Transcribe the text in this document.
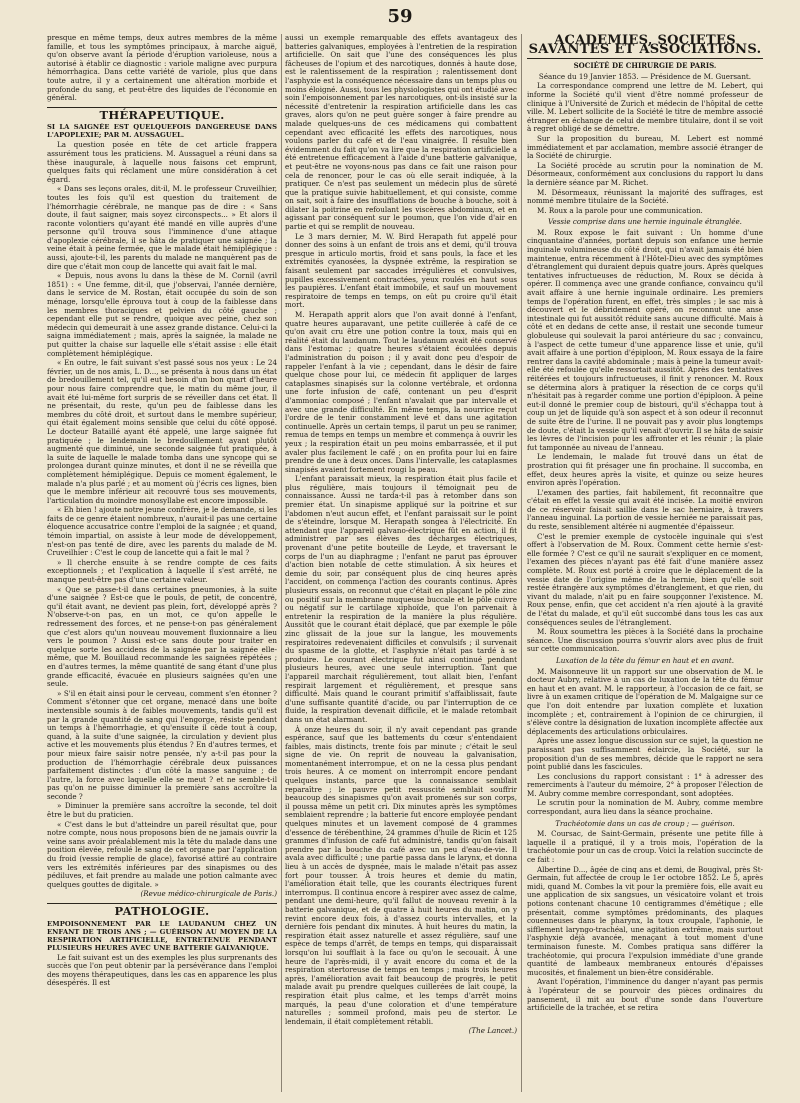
59

presque en même temps, deux autres membres de la même famille, et tous les symptômes principaux, à marche aiguë, qu'on observe avant la période d'éruption varioleuse, nous a autorisé à établir ce diagnostic : variole maligne avec purpura hémorrhagica. Dans cette variété de variole, plus que dans toute autre, il y a certainement une altération morbide et profonde du sang, et peut-être des liquides de l'économie en général.

THÉRAPEUTIQUE.
SI LA SAIGNÉE EST QUELQUEFOIS DANGEREUSE DANS L'APOPLEXIE; PAR M. AUSSAGUEL.

La question posée en tête de cet article frappera assurément tous les praticiens. M. Aussaguel a réuni dans sa thèse inaugurale, à laquelle nous faisons cet emprunt, quelques faits qui réclament une mûre considération à cet égard.

« Dans ses leçons orales, dit-il, M. le professeur Cruveilhier, toutes les fois qu'il est question du traitement de l'hémorrhagie cérébrale, ne manque pas de dire : « Sans doute, il faut saigner, mais soyez circonspects... » Et alors il raconte volontiers qu'ayant été mandé en ville auprès d'une personne qu'il trouva sous l'imminence d'une attaque d'apoplexie cérébrale, il se hâta de pratiquer une saignée ; la veine était à peine fermée, que le malade était hémiplégique : aussi, ajoute-t-il, les parents du malade ne manquèrent pas de dire que c'était mon coup de lancette qui avait fait le mal.

« Depuis, nous avons lu dans la thèse de M. Cornil (avril 1851) : « Une femme, dit-il, que j'observai, l'année dernière, dans le service de M. Rostan, était occupée du soin de son ménage, lorsqu'elle éprouva tout à coup de la faiblesse dans les membres thoraciques et pelvien du côté gauche ; cependant elle put se rendre, quoique avec peine, chez son médecin qui demeurait à une assez grande distance. Celui-ci la saigna immédiatement ; mais, après la saignée, la malade ne put quitter la chaise sur laquelle elle s'était assise : elle était complètement hémiplégique.

« En outre, le fait suivant s'est passé sous nos yeux : Le 24 février, un de nos amis, L. D..., se présenta à nous dans un état de bredouillement tel, qu'il eut besoin d'un bon quart d'heure pour nous faire comprendre que, le matin du même jour, il avait été lui-même fort surpris de se réveiller dans cet état. Il ne présentait, du reste, qu'un peu de faiblesse dans les membres du côté droit, et surtout dans le membre supérieur, qui était également moins sensible que celui du côté opposé. Le docteur Bataillé ayant été appelé, une large saignée fut pratiquée ; le lendemain le bredouillement ayant plutôt augmenté que diminué, une seconde saignée fut pratiquée, à la suite de laquelle le malade tomba dans une syncope qui se prolongea durant quinze minutes, et dont il ne se réveilla que complètement hémiplégique. Depuis ce moment également, le malade n'a plus parlé ; et au moment où j'écris ces lignes, bien que le membre inférieur ait recouvré tous ses mouvements, l'articulation du moindre monosyllabe est encore impossible.

« Eh bien ! ajoute notre jeune confrère, je le demande, si les faits de ce genre étaient nombreux, n'aurait-il pas une certaine éloquence accusatrice contre l'emploi de la saignée ; et quand, témoin impartial, on assiste à leur mode de développement, n'est-on pas tenté de dire, avec les parents du malade de M. Cruveilhier : C'est le coup de lancette qui a fait le mal ?

» Il cherche ensuite à se rendre compte de ces faits exceptionnels ; et l'explication à laquelle il s'est arrêté, ne manque peut-être pas d'une certaine valeur.

« Que se passe-t-il dans certaines pneumonies, à la suite d'une saignée ? Est-ce que le pouls, de petit, de concentré, qu'il était avant, ne devient pas plein, fort, développé après ? N'observe-t-on pas, en un mot, ce qu'on appelle le redressement des forces, et ne pense-t-on pas généralement que c'est alors qu'un nouveau mouvement fluxionnaire a lieu vers le poumon ? Aussi est-ce sans doute pour traiter en quelque sorte les accidens de la saignée par la saignée elle-même, que M. Bouillaud recommande les saignées répétées ; en d'autres termes, la même quantité de sang étant d'une plus grande efficacité, évacuée en plusieurs saignées qu'en une seule.

» S'il en était ainsi pour le cerveau, comment s'en étonner ? Comment s'étonner que cet organe, menacé dans une boîte inextensible soumis à de faibles mouvements, tandis qu'il est par la grande quantité de sang qui l'engorge, résiste pendant un temps à l'hémorrhagie, et qu'ensuite il cède tout à coup, quand, à la suite d'une saignée, la circulation y devient plus active et les mouvements plus étendus ? En d'autres termes, et pour mieux faire saisir notre pensée, n'y a-t-il pas pour la production de l'hémorrhagie cérébrale deux puissances parfaitement distinctes : d'un côté la masse sanguine ; de l'autre, la force avec laquelle elle se meut ? et ne semble-t-il pas qu'on ne puisse diminuer la première sans accroître la seconde ?

» Diminuer la première sans accroître la seconde, tel doit être le but du praticien.

« C'est dans le but d'atteindre un pareil résultat que, pour notre compte, nous nous proposons bien de ne jamais ouvrir la veine sans avoir préalablement mis la tête du malade dans une position élevée, refoulé le sang de cet organe par l'application du froid (vessie remplie de glace), favorisé attiré au contraire vers les extrémités inférieures par des sinapismes ou des pédiluves, et fait prendre au malade une potion calmante avec quelques gouttes de digitale. »

(Revue médico-chirurgicale de Paris.)

PATHOLOGIE.
EMPOISONNEMENT PAR LE LAUDANUM CHEZ UN ENFANT DE TROIS ANS ; — GUÉRISON AU MOYEN DE LA RESPIRATION ARTIFICIELLE, ENTRETENUE PENDANT PLUSIEURS HEURES AVEC UNE BATTERIE GALVANIQUE.

Le fait suivant est un des exemples les plus surprenants des succès que l'on peut obtenir par la persévérance dans l'emploi des moyens thérapeutiques, dans les cas en apparence les plus désespérés. Il est

aussi un exemple remarquable des effets avantageux des batteries galvaniques, employées à l'entretien de la respiration artificielle. On sait que l'une des conséquences les plus fâcheuses de l'opium et des narcotiques, donnés à haute dose, est le ralentissement de la respiration ; ralentissement dont l'asphyxie est la conséquence nécessaire dans un temps plus ou moins éloigné. Aussi, tous les physiologistes qui ont étudié avec soin l'empoisonnement par les narcotiques, ont-ils insisté sur la nécessité d'entretenir la respiration artificielle dans les cas graves, alors qu'on ne peut guère songer à faire prendre au malade quelques-uns de ces médicamens qui combattent cependant avec efficacité les effets des narcotiques, nous voulons parler du café et de l'eau vinaigrée. Il résulte bien évidemment du fait qu'on va lire que la respiration artificielle a été entretenue efficacement à l'aide d'une batterie galvanique, et peut-être ne voyons-nous pas dans ce fait une raison pour cela de renoncer, pour le cas où elle serait indiquée, à la pratiquer. Ce n'est pas seulement un médecin plus de sûreté que la pratique suivie habituellement, et qui consiste, comme on sait, soit à faire des insufflations de bouche à bouche, soit à dilater la poitrine en refoulant les viscères abdominaux, et en agissant par conséquent sur le poumon, que l'on vide d'air en partie et qui se remplit de nouveau.

Le 3 mars dernier, M. W. Bird Herapath fut appelé pour donner des soins à un enfant de trois ans et demi, qu'il trouva presque in articulo mortis, froid et sans pouls, la face et les extrémités cyanosées, la dyspnée extrême, la respiration se faisant seulement par saccades irrégulières et convulsives, pupilles excessivement contractées, yeux roulés en haut sous les paupières. L'enfant était immobile, et sauf un mouvement respiratoire de temps en temps, on eût pu croire qu'il était mort.

M. Herapath apprit alors que l'on avait donné à l'enfant, quatre heures auparavant, une petite cuillerée à café de ce qu'on avait cru être une potion contre la toux, mais qui en réalité était du laudanum. Tout le laudanum avait été conservé dans l'estomac ; quatre heures s'étaient écoulées depuis l'administration du poison ; il y avait donc peu d'espoir de rappeler l'enfant à la vie ; cependant, dans le désir de faire quelque chose pour lui, ce médecin fit appliquer de larges cataplasmes sinapisés sur la colonne vertébrale, et ordonna une forte infusion de café, contenant un peu d'esprit d'ammoniac composé ; l'enfant n'avalait que par intervalle et avec une grande difficulté. En même temps, la nourrice reçut l'ordre de le tenir constamment levé et dans une agitation continuelle. Après un certain temps, il parut un peu se ranimer, remua de temps en temps un membre et commença à ouvrir les yeux ; la respiration était un peu moins embarrassée, et il put avaler plus facilement le café ; on en profita pour lui en faire prendre de une à deux onces. Dans l'intervalle, les cataplasmes sinapisés avaient fortement rougi la peau.

L'enfant paraissait mieux, la respiration était plus facile et plus régulière, mais toujours il témoignait peu de connaissance. Aussi ne tarda-t-il pas à retomber dans son premier état. Un sinapisme appliqué sur la poitrine et sur l'abdomen n'eut aucun effet, et l'enfant paraissait sur le point de s'éteindre, lorsque M. Herapath songea à l'électricité. En attendant que l'appareil galvano-électrique fût en action, il fit administrer par ses élèves des décharges électriques, provenant d'une petite bouteille de Leyde, et traversant le corps de l'un au diaphragme ; l'enfant ne parut pas éprouver d'action bien notable de cette stimulation. À six heures et demie du soir, par conséquent plus de cinq heures après l'accident, on commença l'action des courants continus. Après plusieurs essais, on reconnut que c'était en plaçant le pôle zinc ou positif sur la membrane muqueuse buccale et le pôle cuivre ou négatif sur le cartilage xiphoïde, que l'on parvenait à entretenir la respiration de la manière la plus régulière. Aussitôt que le courant était déplacé, que par exemple le pôle zinc glissait de la joue sur la langue, les mouvements respiratoires redevenaient difficiles et convulsifs ; il survenait du spasme de la glotte, et l'asphyxie n'était pas tardé à se produire. Le courant électrique fut ainsi continué pendant plusieurs heures, avec une seule interruption. Tant que l'appareil marchait régulièrement, tout allait bien, l'enfant respirait largement et régulièrement, et presque sans difficulté. Mais quand le courant primitif s'affaiblissait, faute d'une suffisante quantité d'acide, ou par l'interruption de ce fluide, la respiration devenait difficile, et le malade retombait dans un état alarmant.

À onze heures du soir, il n'y avait cependant pas grande espérance, sauf que les battements du cœur s'entendaient faibles, mais distincts, trente fois par minute ; c'était le seul signe de vie. On reprit de nouveau la galvanisation, momentanément interrompue, et on ne la cessa plus pendant trois heures. À ce moment on interrompit encore pendant quelques instants, parce que la connaissance semblait reparaître ; le pauvre petit ressuscité semblait souffrir beaucoup des sinapismes qu'on avait promenés sur son corps, il poussa même un petit cri. Dix minutes après les symptômes semblaient reprendre ; la batterie fut encore employée pendant quelques minutes et un lavement composé de 4 grammes d'essence de térébenthine, 24 grammes d'huile de Ricin et 125 grammes d'infusion de café fut administré, tandis qu'on faisait prendre par la bouche du café avec un peu d'eau-de-vie. Il avala avec difficulté ; une partie passa dans le larynx, et donna lieu à un accès de dyspnée, mais le malade n'était pas assez fort pour tousser. À trois heures et demie du matin, l'amélioration était telle, que les courants électriques furent interrompus. Il continua encore à respirer avec assez de calme, pendant une demi-heure, qu'il fallut de nouveau revenir à la batterie galvanique, et de quatre à huit heures du matin, on y revint encore deux fois, à d'assez courts intervalles, et la dernière fois pendant dix minutes. À huit heures du matin, la respiration était assez naturelle et assez régulière, sauf une espèce de temps d'arrêt, de temps en temps, qui disparaissait lorsqu'on lui soufflait à la face ou qu'on le secouait. À une heure de l'après-midi, il y avait encore du coma et de la respiration stertoreuse de temps en temps ; mais trois heures après, l'amélioration avait fait beaucoup de progrès, le petit malade avait pu prendre quelques cuillerées de lait coupé, la respiration était plus calme, et les temps d'arrêt moins marqués, la peau d'une coloration et d'une température naturelles ; sommeil profond, mais peu de stertor. Le lendemain, il était complètement rétabli.

(The Lancet.)

ACADÉMIES, SOCIÉTÉS SAVANTES ET ASSOCIATIONS.
SOCIÉTÉ DE CHIRURGIE DE PARIS.

Séance du 19 Janvier 1853. — Présidence de M. Guersant.

La correspondance comprend une lettre de M. Lebert, qui informe la Société qu'il vient d'être nommé professeur de clinique à l'Université de Zurich et médecin de l'hôpital de cette ville. M. Lebert sollicite de la Société le titre de membre associé étranger en échange de celui de membre titulaire, dont il se voit à regret obligé de se démettre.

Sur la proposition du bureau, M. Lebert est nommé immédiatement et par acclamation, membre associé étranger de la Société de chirurgie.

La Société procède au scrutin pour la nomination de M. Désormeaux, conformément aux conclusions du rapport lu dans la dernière séance par M. Richet.

M. Désormeaux, réunissant la majorité des suffrages, est nommé membre titulaire de la Société.

M. Roux a la parole pour une communication.

Vessie comprise dans une hernie inguinale étranglée.

M. Roux expose le fait suivant : Un homme d'une cinquantaine d'années, portant depuis son enfance une hernie inguinale volumineuse du côté droit, qui n'avait jamais été bien maintenue, entra récemment à l'Hôtel-Dieu avec des symptômes d'étranglement qui duraient depuis quatre jours. Après quelques tentatives infructueuses de réduction, M. Roux se décida à opérer. Il commença avec une grande confiance, convaincu qu'il avait affaire à une hernie inguinale ordinaire. Les premiers temps de l'opération furent, en effet, très simples ; le sac mis à découvert et le débridement opéré, on reconnut une anse intestinale qui fut aussitôt réduite sans aucune difficulté. Mais à côté et en dedans de cette anse, il restait une seconde tumeur globuleuse qui soulevait la paroi antérieure du sac ; convaincu, à l'aspect de cette tumeur d'une apparence lisse et unie, qu'il avait affaire à une portion d'épiploon, M. Roux essaya de la faire rentrer dans la cavité abdominale ; mais à peine la tumeur avait-elle été refoulée qu'elle ressortait aussitôt. Après des tentatives réitérées et toujours infructueuses, il finit y renoncer. M. Roux se détermina alors à pratiquer la résection de ce corps qu'il n'hésitait pas à regarder comme une portion d'épiploon. À peine eut-il donné le premier coup de bistouri, qu'il s'échappa tout à coup un jet de liquide qu'à son aspect et à son odeur il reconnut de suite être de l'urine. Il ne pouvait pas y avoir plus longtemps de doute, c'était la vessie qu'il venait d'ouvrir. Il se hâta de saisir les lèvres de l'incision pour les affronter et les réunir ; la plaie fut tamponnée au niveau de l'anneau.

Le lendemain, le malade fut trouvé dans un état de prostration qui fit présager une fin prochaine. Il succomba, en effet, deux heures après la visite, et quinze ou seize heures environ après l'opération.

L'examen des parties, fait habilement, fit reconnaître que c'était en effet la vessie qui avait été incisée. La moitié environ de ce réservoir faisait saillie dans le sac herniaire, à travers l'anneau inguinal. La portion de vessie herniée ne paraissait pas, du reste, sensiblement altérée ni augmentée d'épaisseur.

C'est le premier exemple de cystocèle inguinale qui s'est offert à l'observation de M. Roux. Comment cette hernie s'est-elle formée ? C'est ce qu'il ne saurait s'expliquer en ce moment, l'examen des pièces n'ayant pas été fait d'une manière assez complète. M. Roux est porté à croire que le déplacement de la vessie date de l'origine même de la hernie, bien qu'elle soit restée étrangère aux symptômes d'étranglement, et que rien, du vivant du malade, n'ait pu en faire soupçonner l'existence. M. Roux pense, enfin, que cet accident n'a rien ajouté à la gravité de l'état du malade, et qu'il eût succombé dans tous les cas aux conséquences seules de l'étranglement.

M. Roux soumettra les pièces à la Société dans la prochaine séance. Une discussion pourra s'ouvrir alors avec plus de fruit sur cette communication.

Luxation de la tête du fémur en haut et en avant.

M. Maisonneuve lit un rapport sur une observation de M. le docteur Aubry, relative à un cas de luxation de la tête du fémur en haut et en avant. M. le rapporteur, à l'occasion de ce fait, se livre à un examen critique de l'opération de M. Malgaigne sur ce que l'on doit entendre par luxation complète et luxation incomplète ; et, contrairement à l'opinion de ce chirurgien, il s'élève contre la désignation de luxation incomplète affectée aux déplacements des articulations orbiculaires.

Après une assez longue discussion sur ce sujet, la question ne paraissant pas suffisamment éclaircie, la Société, sur la proposition d'un de ses membres, décide que le rapport ne sera point publié dans les fascicules.

Les conclusions du rapport consistant : 1° à adresser des remerciments à l'auteur du mémoire, 2° à proposer l'élection de M. Aubry comme membre correspondant, sont adoptées.

Le scrutin pour la nomination de M. Aubry, comme membre correspondant, aura lieu dans la séance prochaine.

Trachéotomie dans un cas de croup ; — guérison.

M. Coursac, de Saint-Germain, présente une petite fille à laquelle il a pratiqué, il y a trois mois, l'opération de la trachéotomie pour un cas de croup. Voici la relation succincte de ce fait :

Albertine D..., âgée de cinq ans et demi, de Bougival, près St-Germain, fut affectée de croup le 1er octobre 1852. Le 5, après midi, quand M. Combes la vit pour la première fois, elle avait eu une application de six sangsues, un vésicatoire volant et trois potions contenant chacune 10 centigrammes d'émétique ; elle présentait, comme symptômes prédominants, des plaques couenneuses dans le pharynx, la toux croupale, l'aphonie, le sifflement laryngo-trachéal, une agitation extrême, mais surtout l'asphyxie déjà avancée, menaçant à tout moment d'une terminaison funeste. M. Combes pratiqua sans différer la trachéotomie, qui procura l'expulsion immédiate d'une grande quantité de lambeaux membraneux entourés d'épaisses mucosités, et finalement un bien-être considérable.

Avant l'opération, l'imminence du danger n'ayant pas permis à l'opérateur de se pourvoir des pièces ordinaires du pansement, il mit au bout d'une sonde dans l'ouverture artificielle de la trachée, et se retira
